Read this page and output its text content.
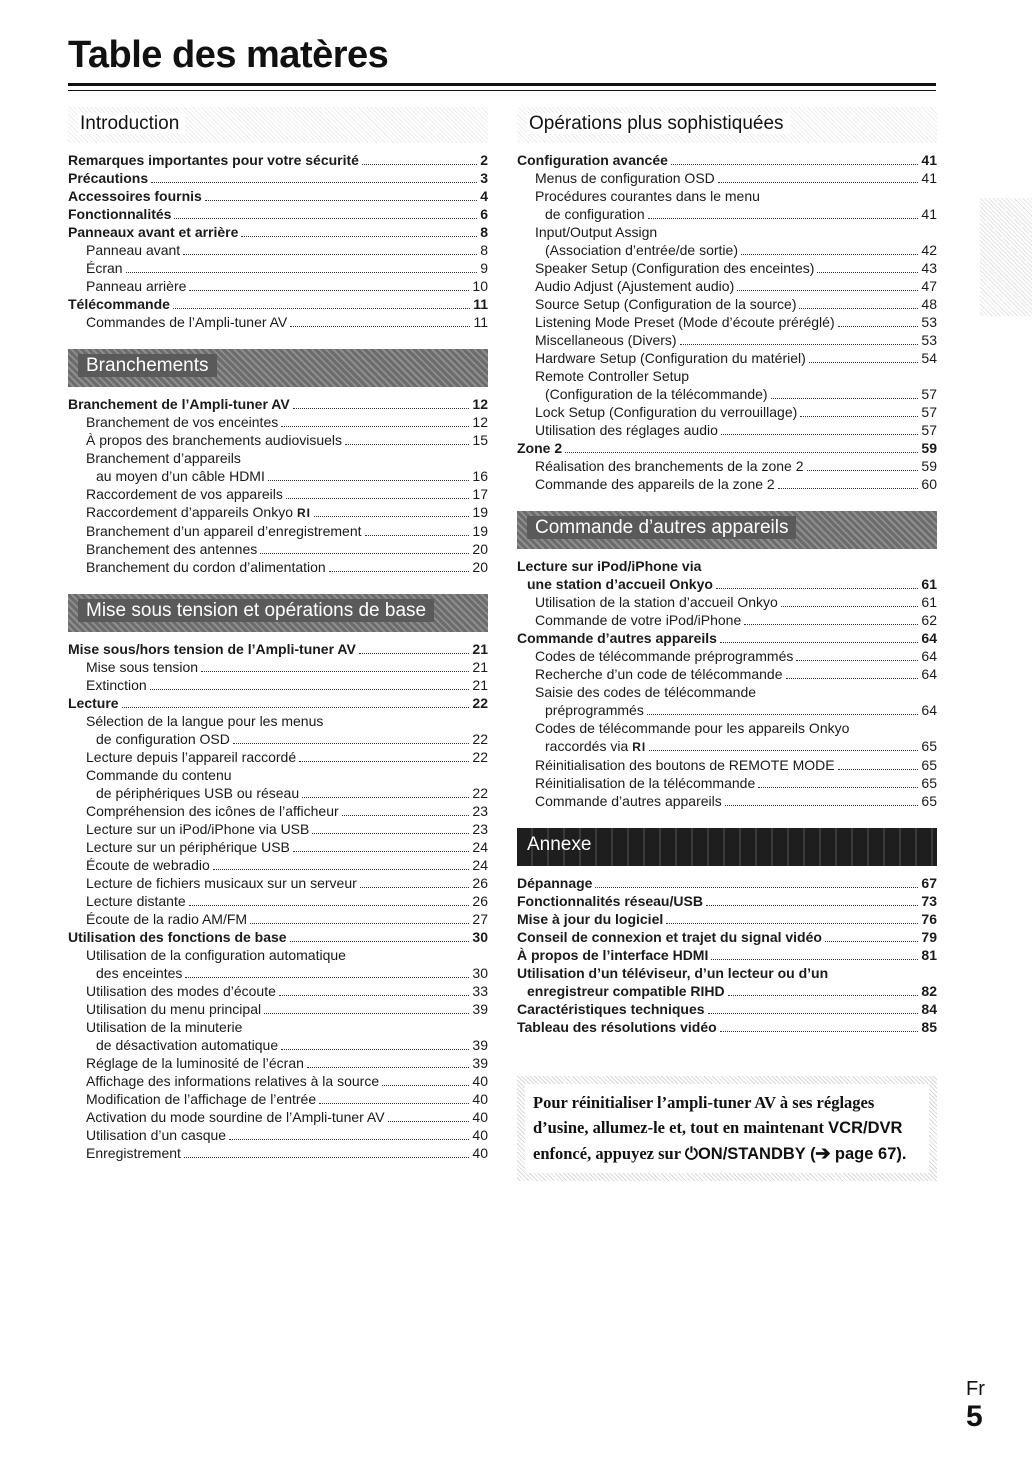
Table des matères
Introduction
Remarques importantes pour votre sécurité	2
Précautions	3
Accessoires fournis	4
Fonctionnalités	6
Panneaux avant et arrière	8
Panneau avant	8
Écran	9
Panneau arrière	10
Télécommande	11
Commandes de l’Ampli-tuner AV	11
Branchements
Branchement de l’Ampli-tuner AV	12
Branchement de vos enceintes	12
À propos des branchements audiovisuels	15
Branchement d’appareils
au moyen d’un câble HDMI	16
Raccordement de vos appareils	17
Raccordement d’appareils Onkyo RI	19
Branchement d’un appareil d’enregistrement	19
Branchement des antennes	20
Branchement du cordon d’alimentation	20
Mise sous tension et opérations de base
Mise sous/hors tension de l’Ampli-tuner AV	21
Mise sous tension	21
Extinction	21
Lecture	22
Sélection de la langue pour les menus
de configuration OSD	22
Lecture depuis l’appareil raccordé	22
Commande du contenu
de périphériques USB ou réseau	22
Compréhension des icônes de l’afficheur	23
Lecture sur un iPod/iPhone via USB	23
Lecture sur un périphérique USB	24
Écoute de webradio	24
Lecture de fichiers musicaux sur un serveur	26
Lecture distante	26
Écoute de la radio AM/FM	27
Utilisation des fonctions de base	30
Utilisation de la configuration automatique
des enceintes	30
Utilisation des modes d’écoute	33
Utilisation du menu principal	39
Utilisation de la minuterie
de désactivation automatique	39
Réglage de la luminosité de l’écran	39
Affichage des informations relatives à la source	40
Modification de l’affichage de l’entrée	40
Activation du mode sourdine de l’Ampli-tuner AV	40
Utilisation d’un casque	40
Enregistrement	40
Opérations plus sophistiquées
Configuration avancée	41
Menus de configuration OSD	41
Procédures courantes dans le menu
de configuration	41
Input/Output Assign
(Association d’entrée/de sortie)	42
Speaker Setup (Configuration des enceintes)	43
Audio Adjust (Ajustement audio)	47
Source Setup (Configuration de la source)	48
Listening Mode Preset (Mode d’écoute préréglé)	53
Miscellaneous (Divers)	53
Hardware Setup (Configuration du matériel)	54
Remote Controller Setup
(Configuration de la télécommande)	57
Lock Setup (Configuration du verrouillage)	57
Utilisation des réglages audio	57
Zone 2	59
Réalisation des branchements de la zone 2	59
Commande des appareils de la zone 2	60
Commande d’autres appareils
Lecture sur iPod/iPhone via
une station d’accueil Onkyo	61
Utilisation de la station d’accueil Onkyo	61
Commande de votre iPod/iPhone	62
Commande d’autres appareils	64
Codes de télécommande préprogrammés	64
Recherche d’un code de télécommande	64
Saisie des codes de télécommande
préprogrammés	64
Codes de télécommande pour les appareils Onkyo
raccordés via RI	65
Réinitialisation des boutons de REMOTE MODE	65
Réinitialisation de la télécommande	65
Commande d’autres appareils	65
Annexe
Dépannage	67
Fonctionnalités réseau/USB	73
Mise à jour du logiciel	76
Conseil de connexion et trajet du signal vidéo	79
À propos de l’interface HDMI	81
Utilisation d’un téléviseur, d’un lecteur ou d’un
enregistreur compatible RIHD	82
Caractéristiques techniques	84
Tableau des résolutions vidéo	85
Pour réinitialiser l’ampli-tuner AV à ses réglages
d’usine, allumez-le et, tout en maintenant VCR/DVR
enfoncé, appuyez sur ⏻ON/STANDBY (➔ page 67).
Fr
5
